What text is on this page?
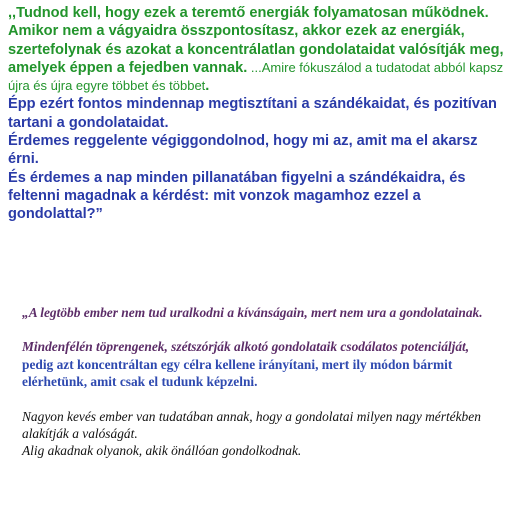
,,Tudnod kell, hogy ezek a teremtő energiák folyamatosan működnek. Amikor nem a vágyaidra összpontosítasz, akkor ezek az energiák, szertefolynak és azokat a koncentrálatlan gondolataidat valósítják meg, amelyek éppen a fejedben vannak. ...Amire fókuszálod a tudatodat abból kapsz újra és újra egyre többet és többet.

Épp ezért fontos mindennap megtisztítani a szándékaidat, és pozitívan tartani a gondolataidat.

Érdemes reggelente végiggondolnod, hogy mi az, amit ma el akarsz érni.

És érdemes a nap minden pillanatában figyelni a szándékaidra, és feltenni magadnak a kérdést: mit vonzok magamhoz ezzel a gondolattal?”

„A legtöbb ember nem tud uralkodni a kívánságain, mert nem ura a gondolatainak.

Mindenfélén töprengenek, szétszórják alkotó gondolataik csodálatos potenciálját,

pedig azt koncentráltan egy célra kellene irányítani, mert ily módon bármit elérhetünk, amit csak el tudunk képzelni.

Nagyon kevés ember van tudatában annak, hogy a gondolatai milyen nagy mértékben alakítják a valóságát.

Alig akadnak olyanok, akik önállóan gondolkodnak.
